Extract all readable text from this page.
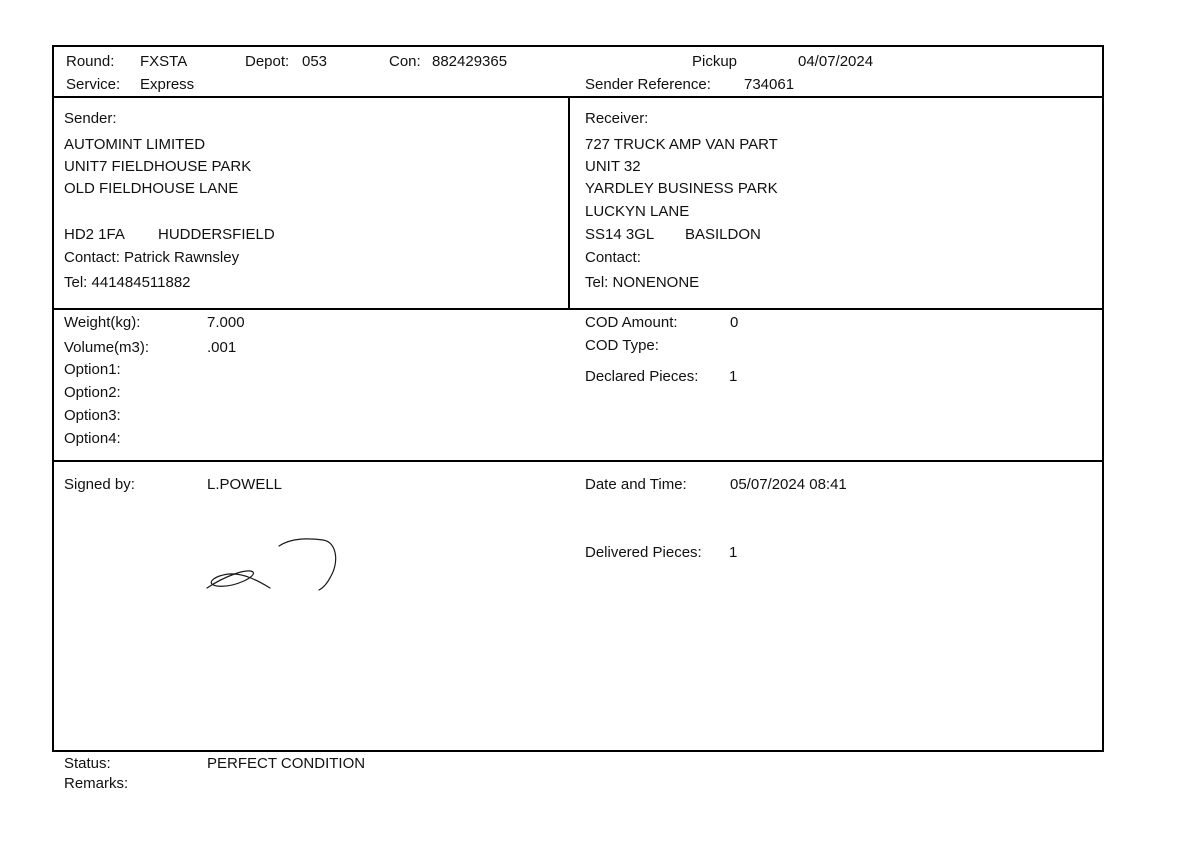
Round: FXSTA	Depot: 053	Con: 882429365
Service: Express
Pickup	04/07/2024
Sender Reference: 734061
Sender:
AUTOMINT LIMITED
UNIT7 FIELDHOUSE PARK
OLD FIELDHOUSE LANE
HD2 1FA HUDDERSFIELD
Contact: Patrick Rawnsley
Tel: 441484511882
Receiver:
727 TRUCK AMP VAN PART
UNIT 32
YARDLEY BUSINESS PARK
LUCKYN LANE
SS14 3GL BASILDON
Contact:
Tel: NONENONE
Weight(kg):	7.000
Volume(m3):	.001
Option1:
Option2:
Option3:
Option4:
COD Amount:	0
COD Type:
Declared Pieces: 1
Signed by:	L.POWELL	Date and Time:	05/07/2024 08:41
Delivered Pieces: 1
Status:	PERFECT CONDITION
Remarks:
